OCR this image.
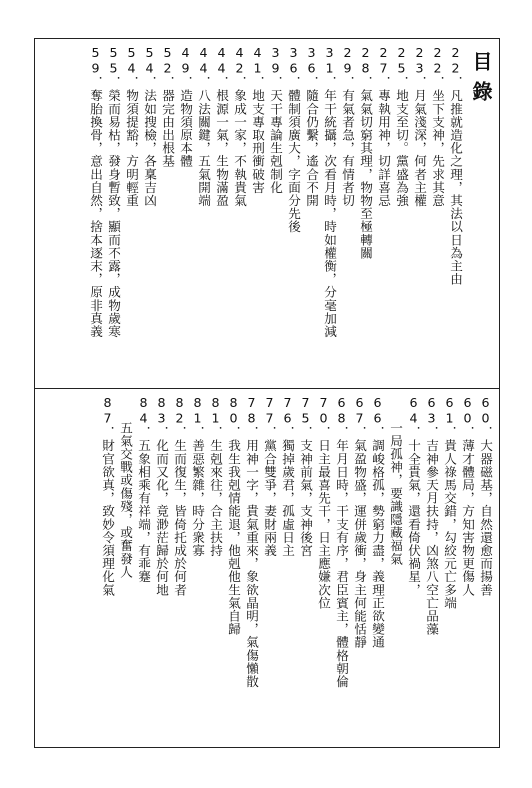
目錄
22．凡推就造化之理，其法以日為主由
22．坐下支神，先求其意
23．月氣淺深，何者主權
25．地支至切。黨盛為強
27．專執用神，切詳喜忌
28．氣氣切窮其理，物物至極轉關
29．有氣者急，有情者切
31．年干統攝，次看月時，時如權衡，分毫加減
36．隨合仍繫，遙合不開
36．體制須廣大，字面分先後
39．天干專論生剋制化
41．地支專取刑衝破害
42．象成一家，不執貴氣
44．根源一氣，生物滿盈
44．八法關鍵，五氣開端
49．造物須原本體
52．器完由出根基
54．法如搜檢，各稟吉凶
54．物須提豁，方明輕重
55．榮而易枯，發身暫致，顯而不露，成物歲寒
59．奪胎換骨，意出自然，捨本逐末，原非真義
60．大器磁基，自然還愈而揚善
60．薄才體局，方知害物更傷人
61．貴人祿馬交錯，勾絞元亡多端
63．吉神參天月扶持，凶煞八空亡品藻
64．十全貴氣，還看倚伏禍星，
　　一局孤神，要識隱藏福氣
66．調峻格孤，勢窮力盡，義理正欲變通
67．氣盈物盛，運併歲衝，身主何能恬靜
68．年月日時，干支有序，君臣賓主，體格朝倫
70．日主最喜先干，日主應嫌次位
75．支神前氣，支神後宮
76．獨掉歲君，孤虛日主
77．黨合雙爭，妻財兩義
78．用神一字，貴氣重來，象欲晶明，氣傷懶散
80．我生我剋情能退，他剋他生氣自歸
81．生剋來往，合主扶持
81．善惡繁雜，時分衆寡
82．生而復生，皆倚托成於何者
83．化而又化，竟渺茫歸於何地
84．五象相乘有祥端，有乖蹇
　　五氣交戰或傷殘，或奮發人
87．財官欲真，致妙令須理化氣
